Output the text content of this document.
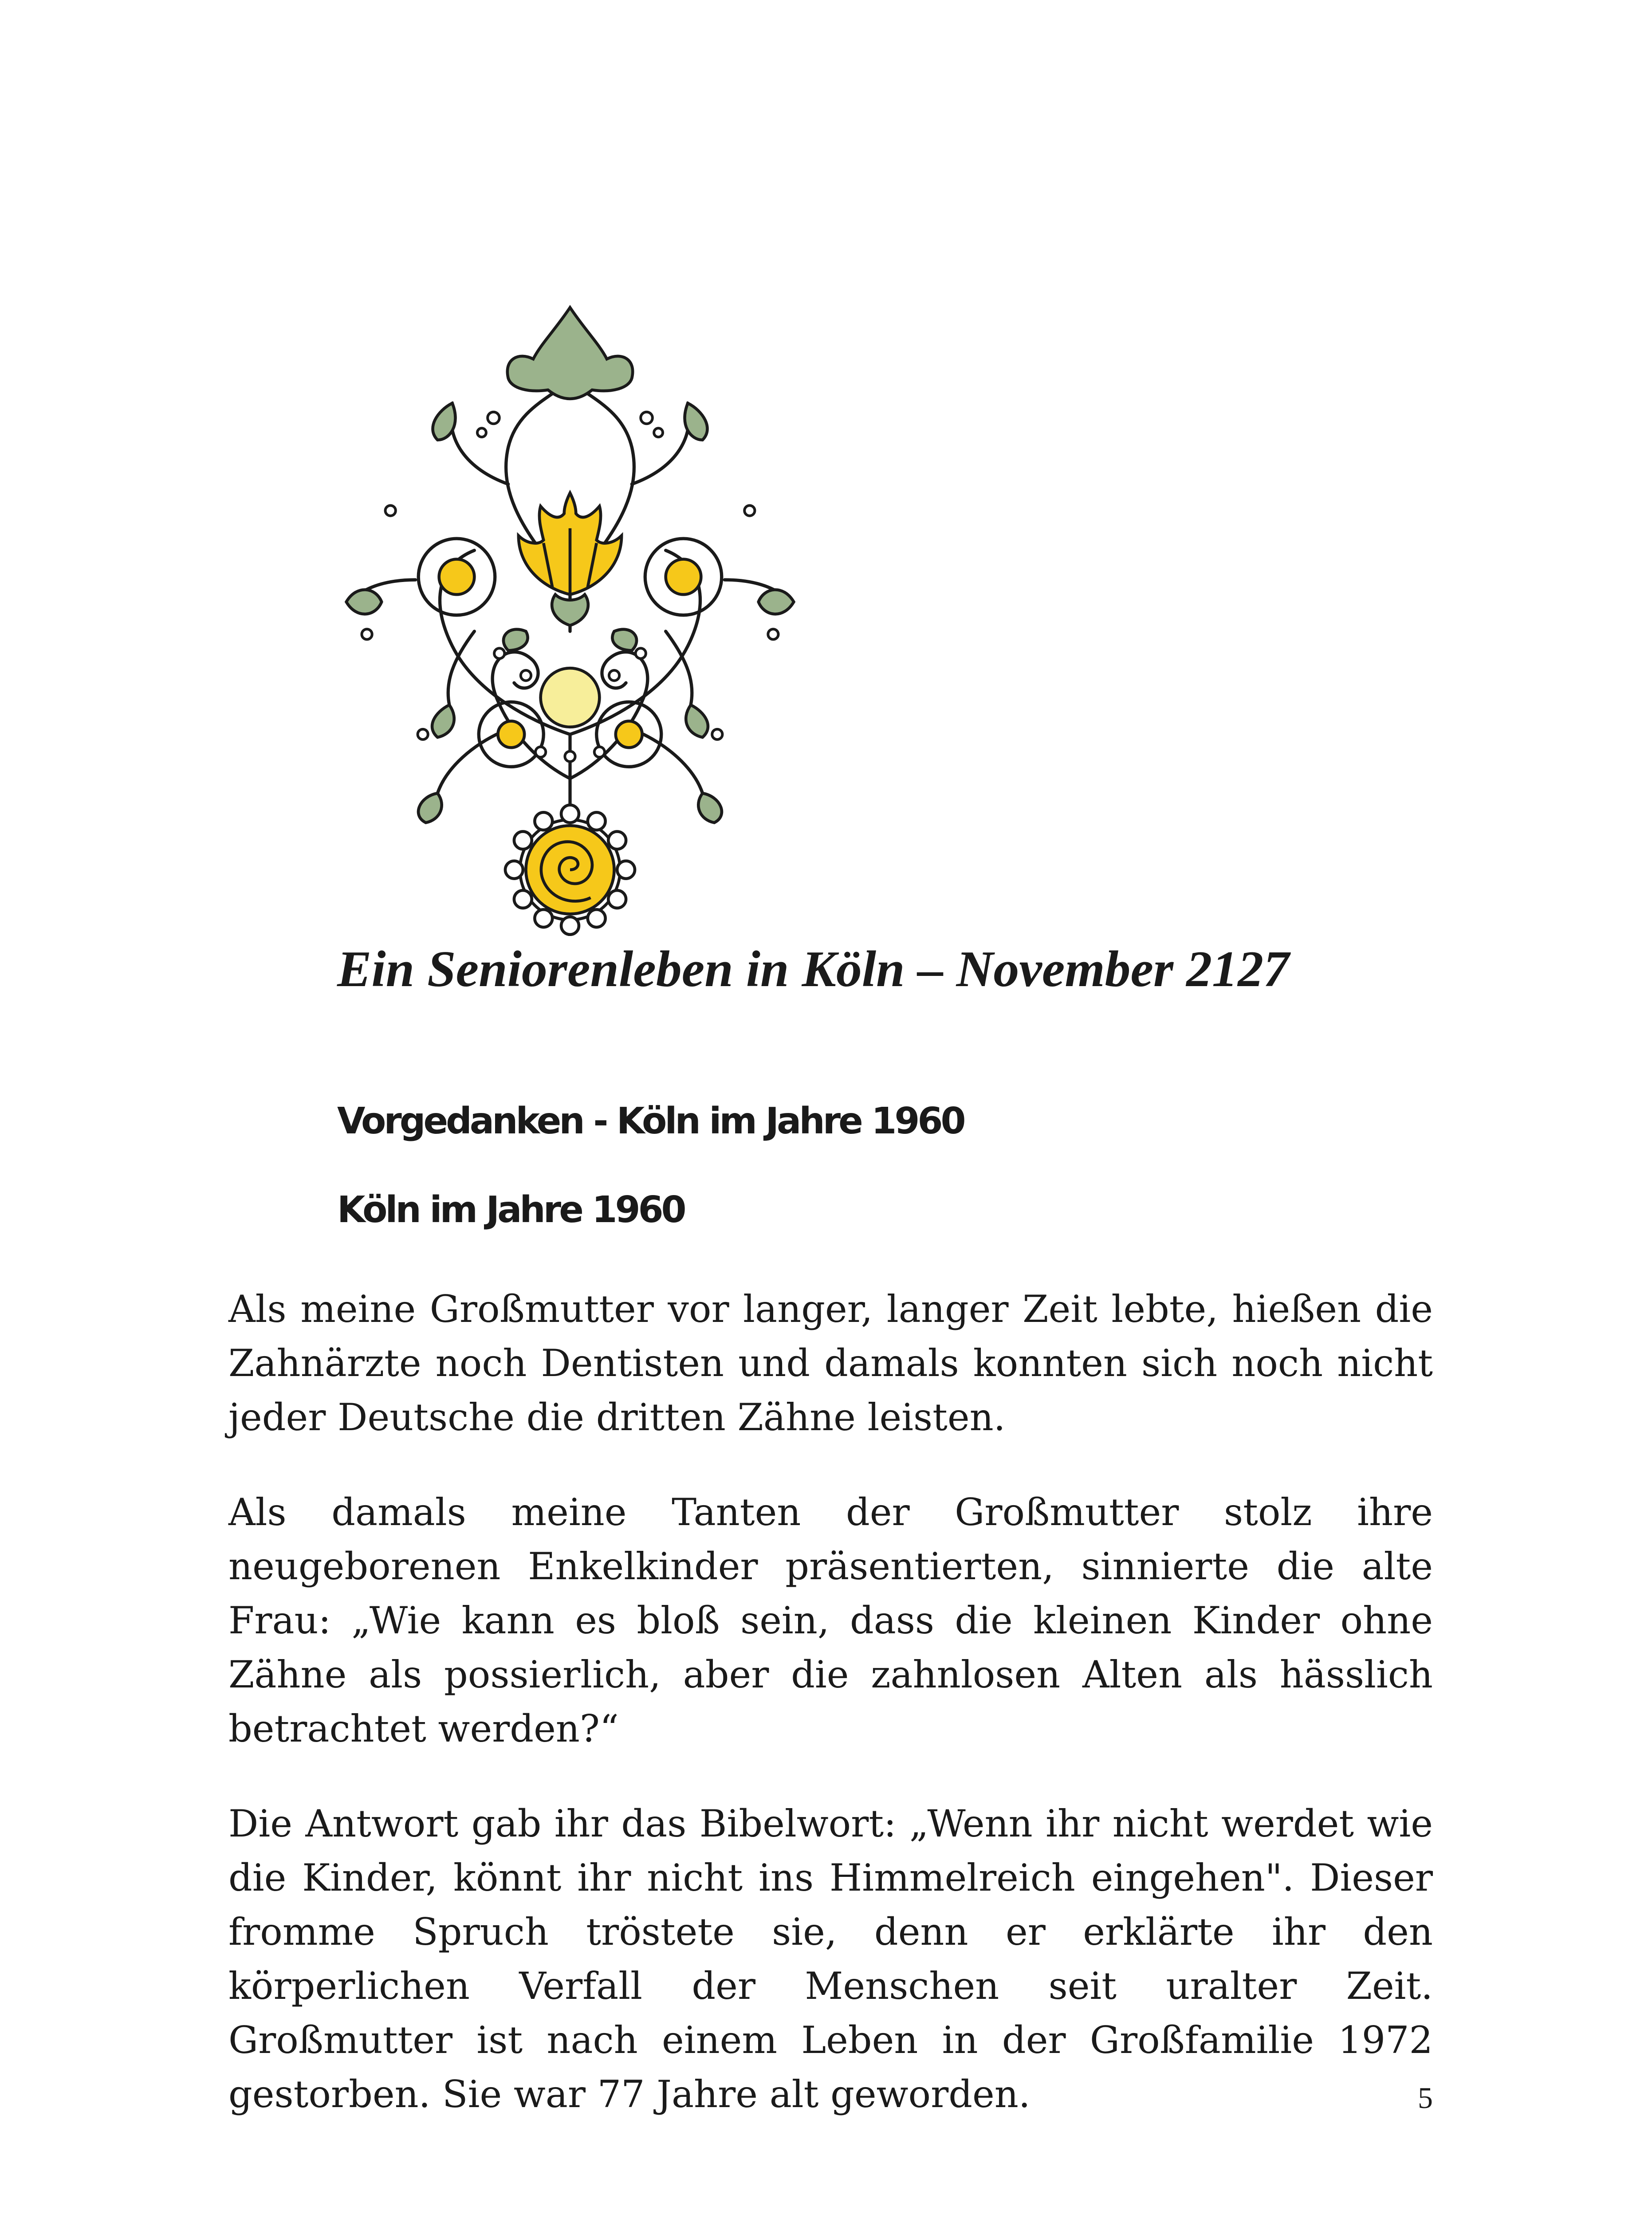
Ein Seniorenleben in Köln – November 2127
Vorgedanken - Köln im Jahre 1960
Köln im Jahre 1960

Als meine Großmutter vor langer, langer Zeit lebte, hießen die Zahnärzte noch Dentisten und damals konnten sich noch nicht jeder Deutsche die dritten Zähne leisten.

Als damals meine Tanten der Großmutter stolz ihre neugeborenen Enkelkinder präsentierten, sinnierte die alte Frau: „Wie kann es bloß sein, dass die kleinen Kinder ohne Zähne als possierlich, aber die zahnlosen Alten als hässlich betrachtet werden?“

Die Antwort gab ihr das Bibelwort: „Wenn ihr nicht werdet wie die Kinder, könnt ihr nicht ins Himmelreich eingehen". Dieser fromme Spruch tröstete sie, denn er erklärte ihr den körperlichen Verfall der Menschen seit uralter Zeit. Großmutter ist nach einem Leben in der Großfamilie 1972 gestorben. Sie war 77 Jahre alt geworden.	5
